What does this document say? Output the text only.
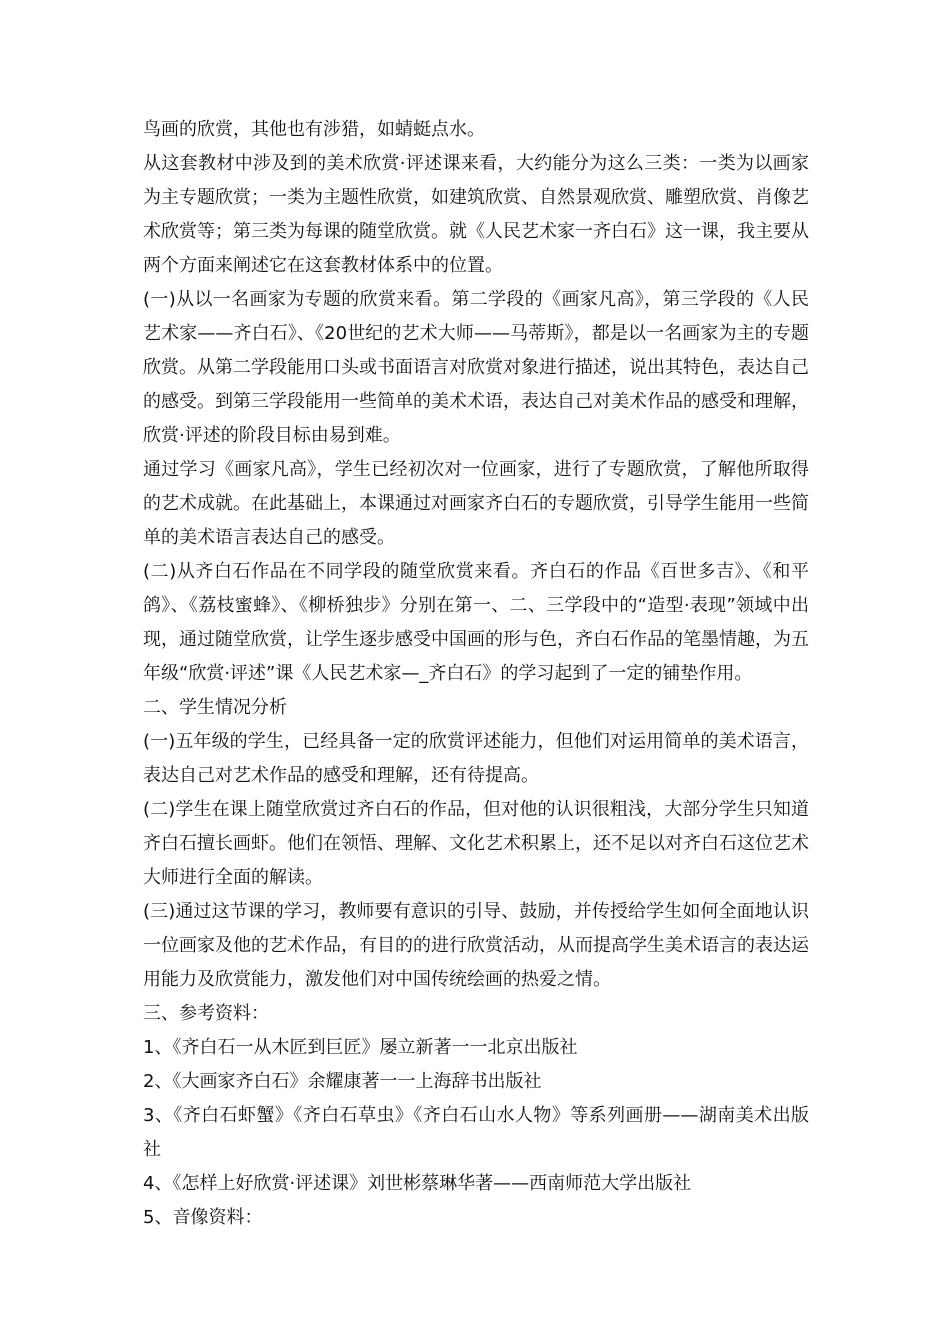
鸟画的欣赏，其他也有涉猎，如蜻蜓点水。

从这套教材中涉及到的美术欣赏·评述课来看，大约能分为这么三类：一类为以画家为主专题欣赏；一类为主题性欣赏，如建筑欣赏、自然景观欣赏、雕塑欣赏、肖像艺术欣赏等；第三类为每课的随堂欣赏。就《人民艺术家一齐白石》这一课，我主要从两个方面来阐述它在这套教材体系中的位置。

(一)从以一名画家为专题的欣赏来看。第二学段的《画家凡高》，第三学段的《人民艺术家——齐白石》、《20世纪的艺术大师——马蒂斯》，都是以一名画家为主的专题欣赏。从第二学段能用口头或书面语言对欣赏对象进行描述，说出其特色，表达自己的感受。到第三学段能用一些简单的美术术语，表达自己对美术作品的感受和理解，欣赏·评述的阶段目标由易到难。

通过学习《画家凡高》，学生已经初次对一位画家，进行了专题欣赏，了解他所取得的艺术成就。在此基础上，本课通过对画家齐白石的专题欣赏，引导学生能用一些简单的美术语言表达自己的感受。

(二)从齐白石作品在不同学段的随堂欣赏来看。齐白石的作品《百世多吉》、《和平鸽》、《荔枝蜜蜂》、《柳桥独步》分别在第一、二、三学段中的“造型·表现”领域中出现，通过随堂欣赏，让学生逐步感受中国画的形与色，齐白石作品的笔墨情趣，为五年级“欣赏·评述”课《人民艺术家—_齐白石》的学习起到了一定的铺垫作用。

二、学生情况分析

(一)五年级的学生，已经具备一定的欣赏评述能力，但他们对运用简单的美术语言，表达自己对艺术作品的感受和理解，还有待提高。

(二)学生在课上随堂欣赏过齐白石的作品，但对他的认识很粗浅，大部分学生只知道齐白石擅长画虾。他们在领悟、理解、文化艺术积累上，还不足以对齐白石这位艺术大师进行全面的解读。

(三)通过这节课的学习，教师要有意识的引导、鼓励，并传授给学生如何全面地认识一位画家及他的艺术作品，有目的的进行欣赏活动，从而提高学生美术语言的表达运用能力及欣赏能力，激发他们对中国传统绘画的热爱之情。

三、参考资料：

1、《齐白石一从木匠到巨匠》屡立新著一一北京出版社

2、《大画家齐白石》余耀康著一一上海辞书出版社

3、《齐白石虾蟹》《齐白石草虫》《齐白石山水人物》等系列画册——湖南美术出版社

4、《怎样上好欣赏·评述课》刘世彬蔡琳华著——西南师范大学出版社

5、音像资料：
